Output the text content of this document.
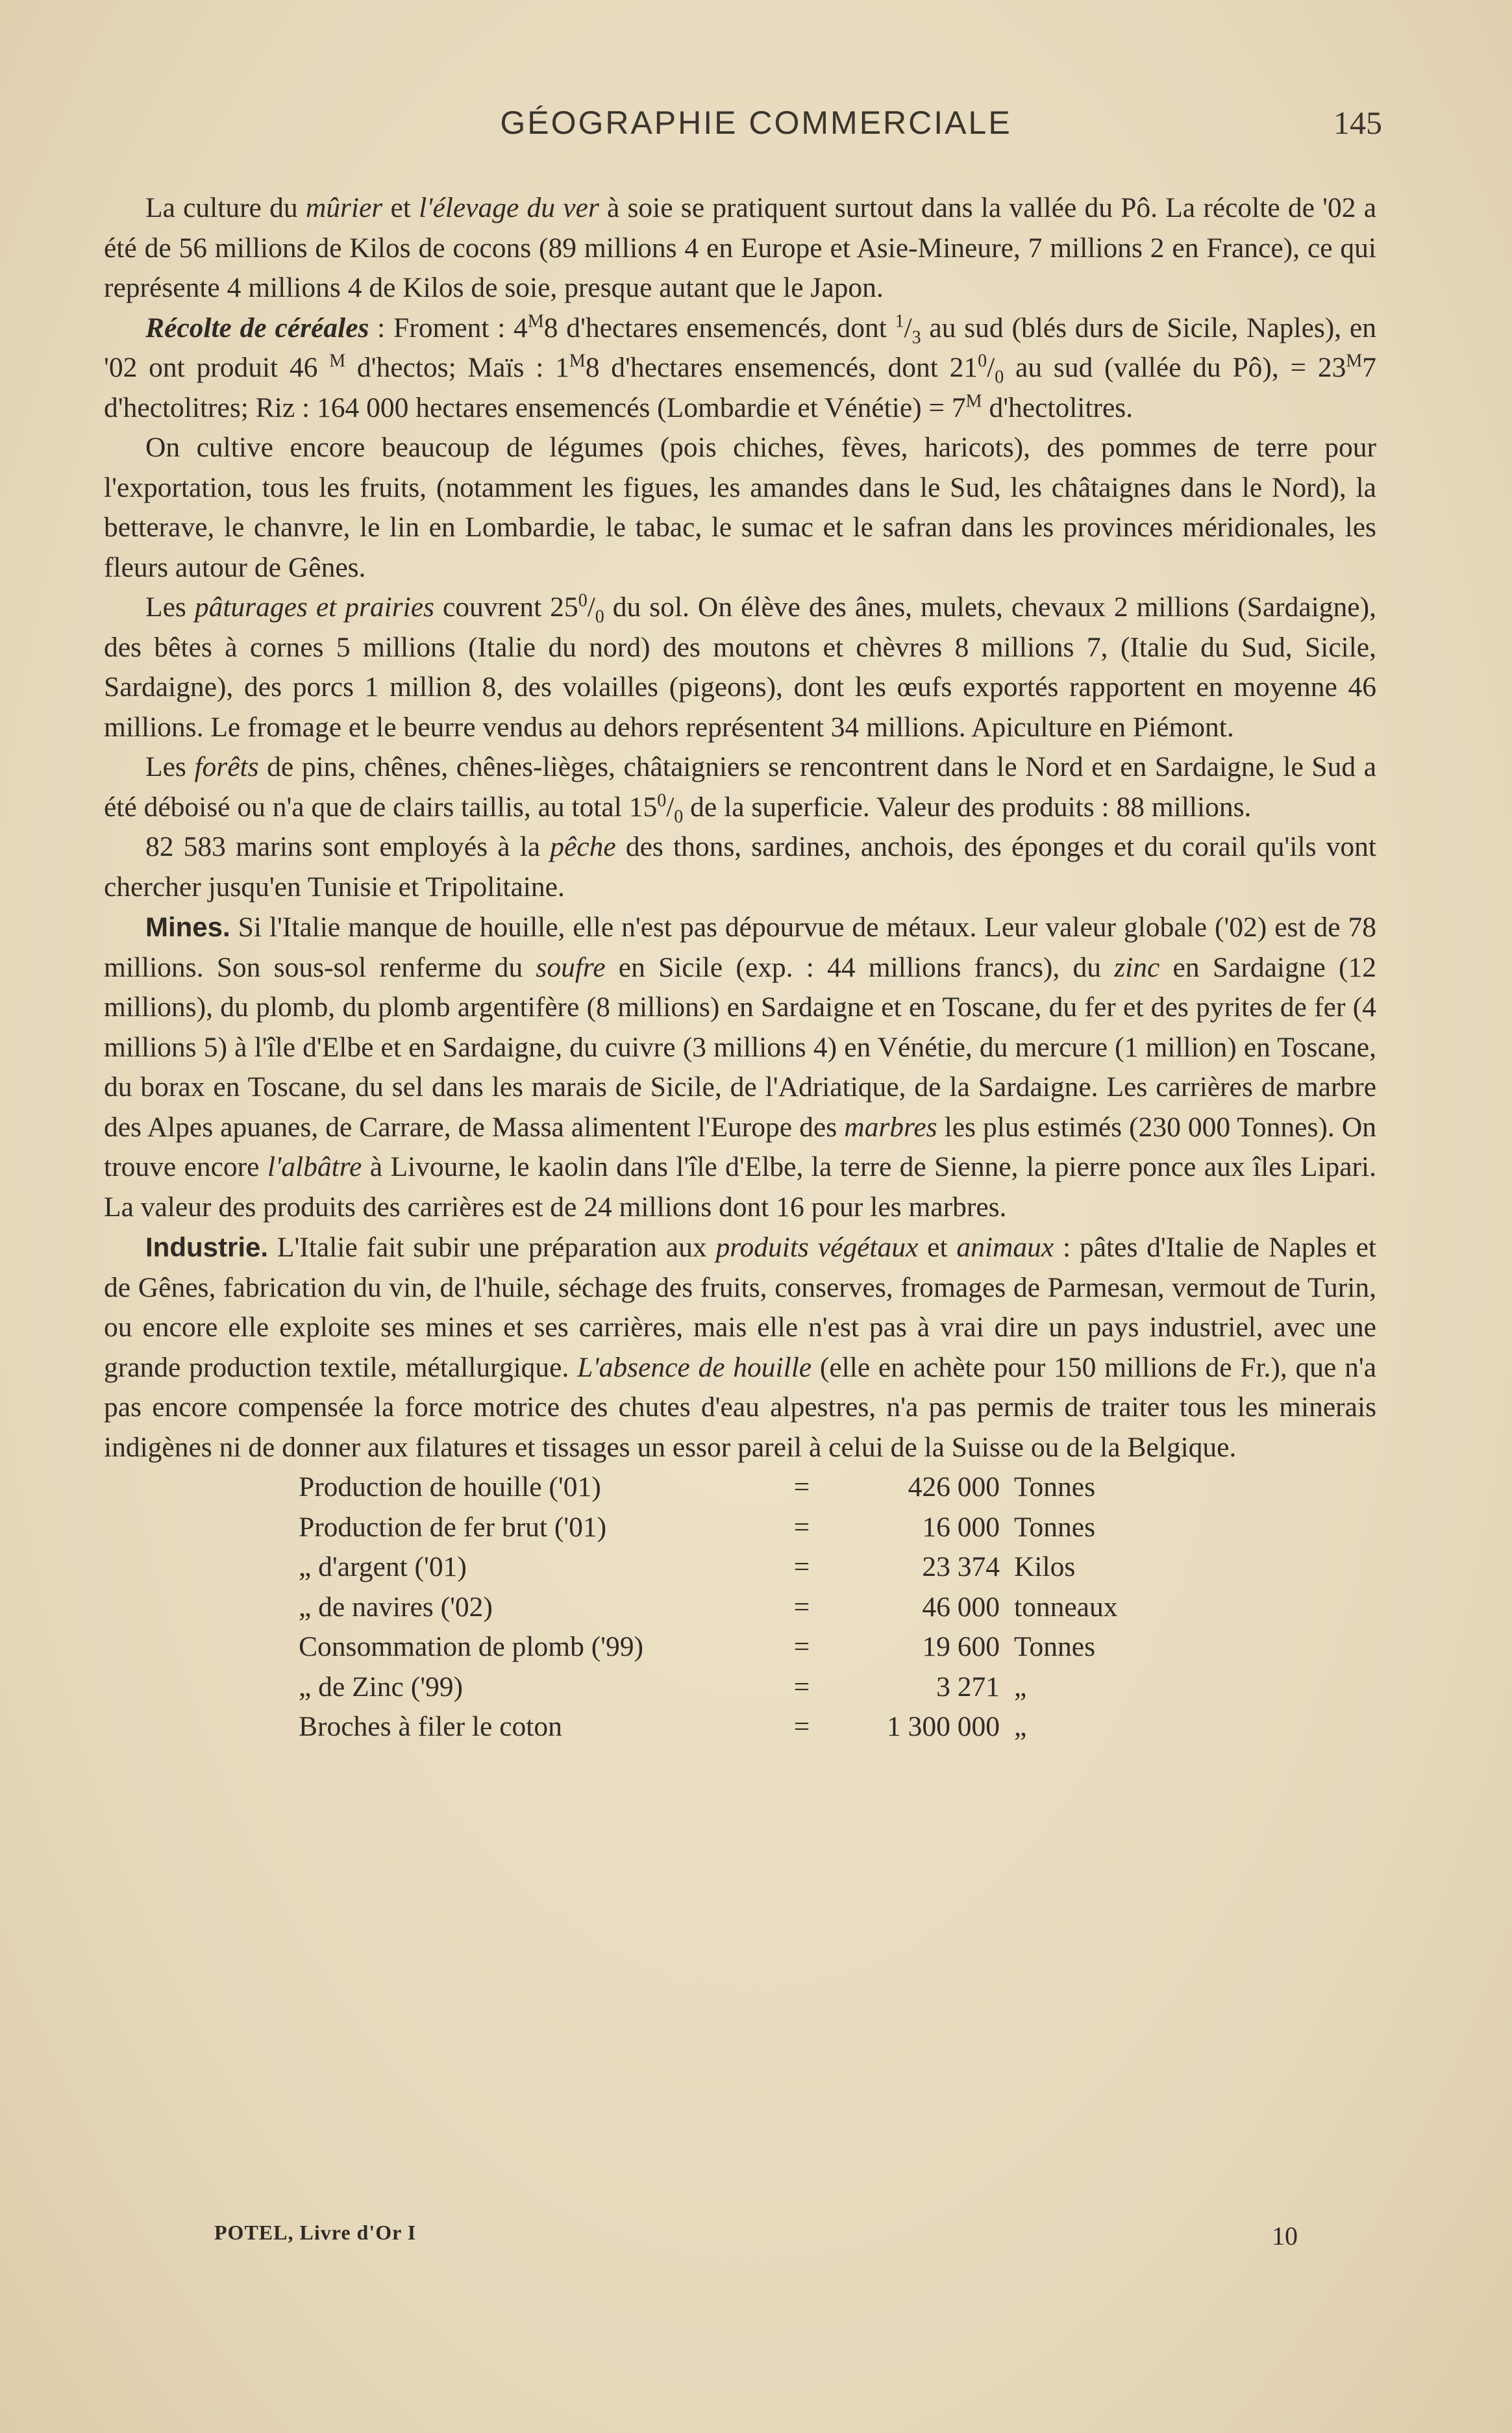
GÉOGRAPHIE COMMERCIALE	145

La culture du mûrier et l'élevage du ver à soie se pratiquent surtout dans la vallée du Pô. La récolte de '02 a été de 56 millions de Kilos de cocons (89 millions 4 en Europe et Asie-Mineure, 7 millions 2 en France), ce qui représente 4 millions 4 de Kilos de soie, presque autant que le Japon.

Récolte de céréales : Froment : $4^M8$ d'hectares ensemencés, dont $^1/_3$ au sud (blés durs de Sicile, Naples), en '02 ont produit 46 $^M$ d'hectos; Maïs : $1^M8$ d'hectares ensemencés, dont $21^0/_0$ au sud (vallée du Pô), = $23^M7$ d'hectolitres; Riz : 164 000 hectares ensemencés (Lombardie et Vénétie) = $7^M$ d'hectolitres.

On cultive encore beaucoup de légumes (pois chiches, fèves, haricots), des pommes de terre pour l'exportation, tous les fruits, (notamment les figues, les amandes dans le Sud, les châtaignes dans le Nord), la betterave, le chanvre, le lin en Lombardie, le tabac, le sumac et le safran dans les provinces méridionales, les fleurs autour de Gênes.

Les pâturages et prairies couvrent $25^0/_0$ du sol. On élève des ânes, mulets, chevaux 2 millions (Sardaigne), des bêtes à cornes 5 millions (Italie du nord) des moutons et chèvres 8 millions 7, (Italie du Sud, Sicile, Sardaigne), des porcs 1 million 8, des volailles (pigeons), dont les œufs exportés rapportent en moyenne 46 millions. Le fromage et le beurre vendus au dehors représentent 34 millions. Apiculture en Piémont.

Les forêts de pins, chênes, chênes-lièges, châtaigniers se rencontrent dans le Nord et en Sardaigne, le Sud a été déboisé ou n'a que de clairs taillis, au total $15^0/_0$ de la superficie. Valeur des produits : 88 millions.

82 583 marins sont employés à la pêche des thons, sardines, anchois, des éponges et du corail qu'ils vont chercher jusqu'en Tunisie et Tripolitaine.

Mines. Si l'Italie manque de houille, elle n'est pas dépourvue de métaux. Leur valeur globale ('02) est de 78 millions. Son sous-sol renferme du soufre en Sicile (exp. : 44 millions francs), du zinc en Sardaigne (12 millions), du plomb, du plomb argentifère (8 millions) en Sardaigne et en Toscane, du fer et des pyrites de fer (4 millions 5) à l'île d'Elbe et en Sardaigne, du cuivre (3 millions 4) en Vénétie, du mercure (1 million) en Toscane, du borax en Toscane, du sel dans les marais de Sicile, de l'Adriatique, de la Sardaigne. Les carrières de marbre des Alpes apuanes, de Carrare, de Massa alimentent l'Europe des marbres les plus estimés (230 000 Tonnes). On trouve encore l'albâtre à Livourne, le kaolin dans l'île d'Elbe, la terre de Sienne, la pierre ponce aux îles Lipari. La valeur des produits des carrières est de 24 millions dont 16 pour les marbres.

Industrie. L'Italie fait subir une préparation aux produits végétaux et animaux : pâtes d'Italie de Naples et de Gênes, fabrication du vin, de l'huile, séchage des fruits, conserves, fromages de Parmesan, vermout de Turin, ou encore elle exploite ses mines et ses carrières, mais elle n'est pas à vrai dire un pays industriel, avec une grande production textile, métallurgique. L'absence de houille (elle en achète pour 150 millions de Fr.), que n'a pas encore compensée la force motrice des chutes d'eau alpestres, n'a pas permis de traiter tous les minerais indigènes ni de donner aux filatures et tissages un essor pareil à celui de la Suisse ou de la Belgique.

Production de houille ('01)	=	426 000	Tonnes
Production de fer brut ('01)	=	16 000	Tonnes
„ d'argent ('01)	=	23 374	Kilos
„ de navires ('02)	=	46 000	tonneaux
Consommation de plomb ('99)	=	19 600	Tonnes
„ de Zinc ('99)	=	3 271	„
Broches à filer le coton	=	1 300 000	„
POTEL, Livre d'Or I	10
